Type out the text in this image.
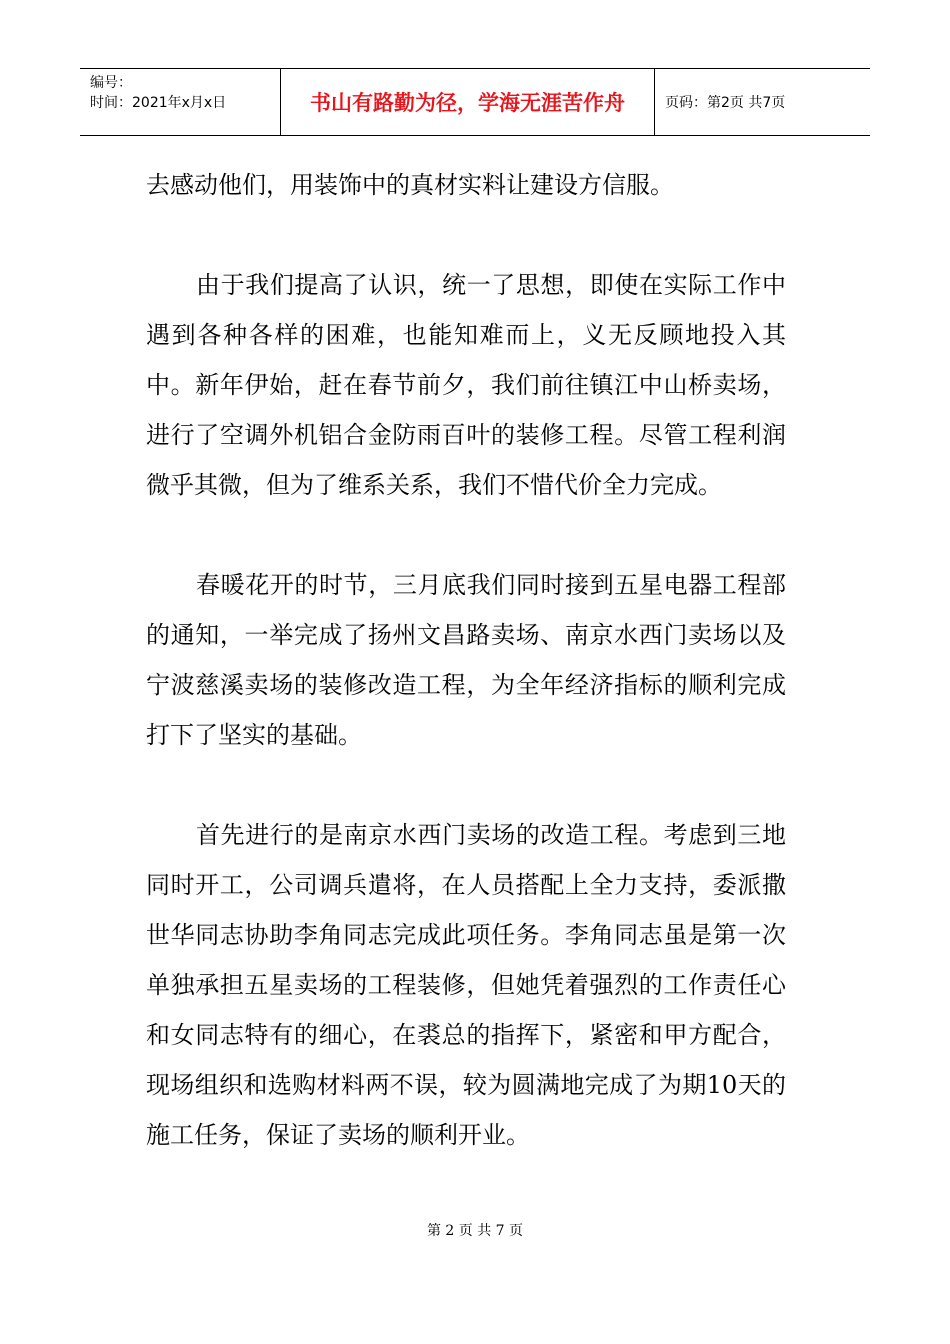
编号：
时间：2021年x月x日	书山有路勤为径，学海无涯苦作舟	页码：第2页 共7页

去感动他们，用装饰中的真材实料让建设方信服。

由于我们提高了认识，统一了思想，即使在实际工作中遇到各种各样的困难，也能知难而上，义无反顾地投入其中。新年伊始，赶在春节前夕，我们前往镇江中山桥卖场，进行了空调外机铝合金防雨百叶的装修工程。尽管工程利润微乎其微，但为了维系关系，我们不惜代价全力完成。

春暖花开的时节，三月底我们同时接到五星电器工程部的通知，一举完成了扬州文昌路卖场、南京水西门卖场以及宁波慈溪卖场的装修改造工程，为全年经济指标的顺利完成打下了坚实的基础。

首先进行的是南京水西门卖场的改造工程。考虑到三地同时开工，公司调兵遣将，在人员搭配上全力支持，委派撒世华同志协助李角同志完成此项任务。李角同志虽是第一次单独承担五星卖场的工程装修，但她凭着强烈的工作责任心和女同志特有的细心，在裘总的指挥下，紧密和甲方配合，现场组织和选购材料两不误，较为圆满地完成了为期10天的施工任务，保证了卖场的顺利开业。

第 2 页 共 7 页
